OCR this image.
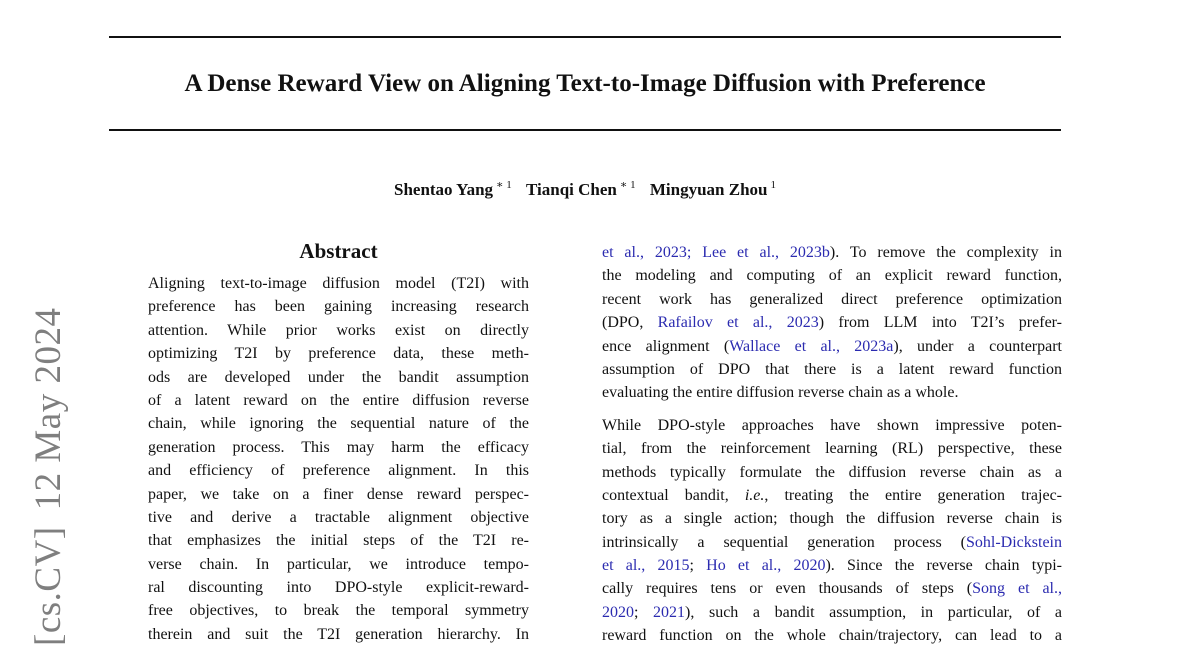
A Dense Reward View on Aligning Text-to-Image Diffusion with Preference
Shentao Yang $^{∗ 1}$ Tianqi Chen $^{∗ 1}$ Mingyuan Zhou $^1$
[cs.CV]12 May 2024
Abstract
Aligning text-to-image diffusion model (T2I) with
preference has been gaining increasing research
attention. While prior works exist on directly
optimizing T2I by preference data, these meth-
ods are developed under the bandit assumption
of a latent reward on the entire diffusion reverse
chain, while ignoring the sequential nature of the
generation process. This may harm the efficacy
and efficiency of preference alignment. In this
paper, we take on a finer dense reward perspec-
tive and derive a tractable alignment objective
that emphasizes the initial steps of the T2I re-
verse chain. In particular, we introduce tempo-
ral discounting into DPO-style explicit-reward-
free objectives, to break the temporal symmetry
therein and suit the T2I generation hierarchy. In
et al., 2023; Lee et al., 2023b). To remove the complexity in
the modeling and computing of an explicit reward function,
recent work has generalized direct preference optimization
(DPO, Rafailov et al., 2023) from LLM into T2I’s prefer-
ence alignment (Wallace et al., 2023a), under a counterpart
assumption of DPO that there is a latent reward function
evaluating the entire diffusion reverse chain as a whole.
While DPO-style approaches have shown impressive poten-
tial, from the reinforcement learning (RL) perspective, these
methods typically formulate the diffusion reverse chain as a
contextual bandit, i.e., treating the entire generation trajec-
tory as a single action; though the diffusion reverse chain is
intrinsically a sequential generation process (Sohl-Dickstein
et al., 2015; Ho et al., 2020). Since the reverse chain typi-
cally requires tens or even thousands of steps (Song et al.,
2020; 2021), such a bandit assumption, in particular, of a
reward function on the whole chain/trajectory, can lead to a
